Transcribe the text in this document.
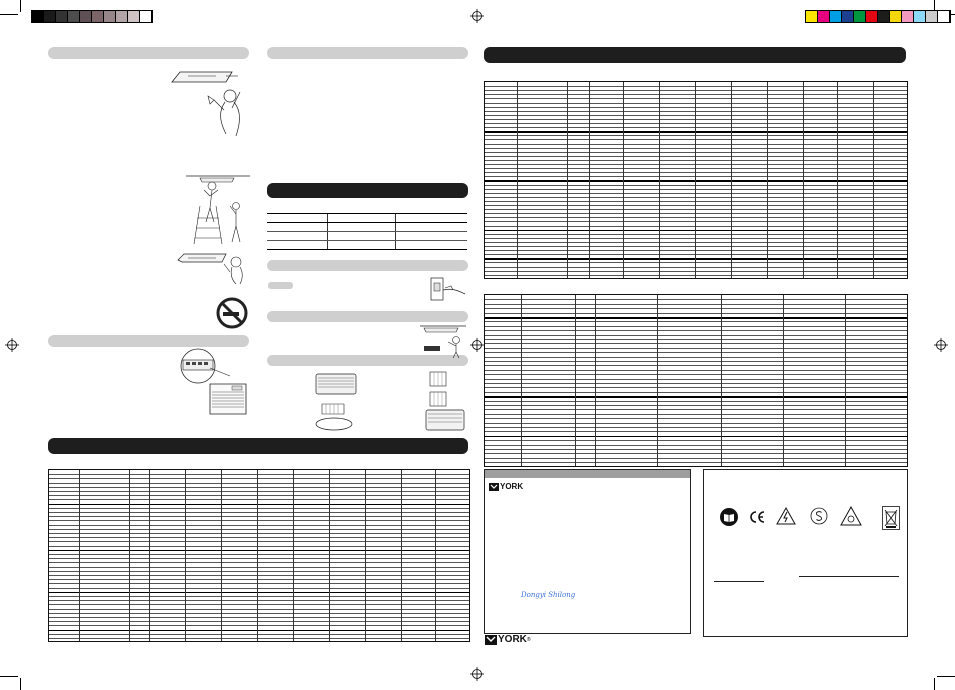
YORK
Dongyi Shilong
YORK ®
